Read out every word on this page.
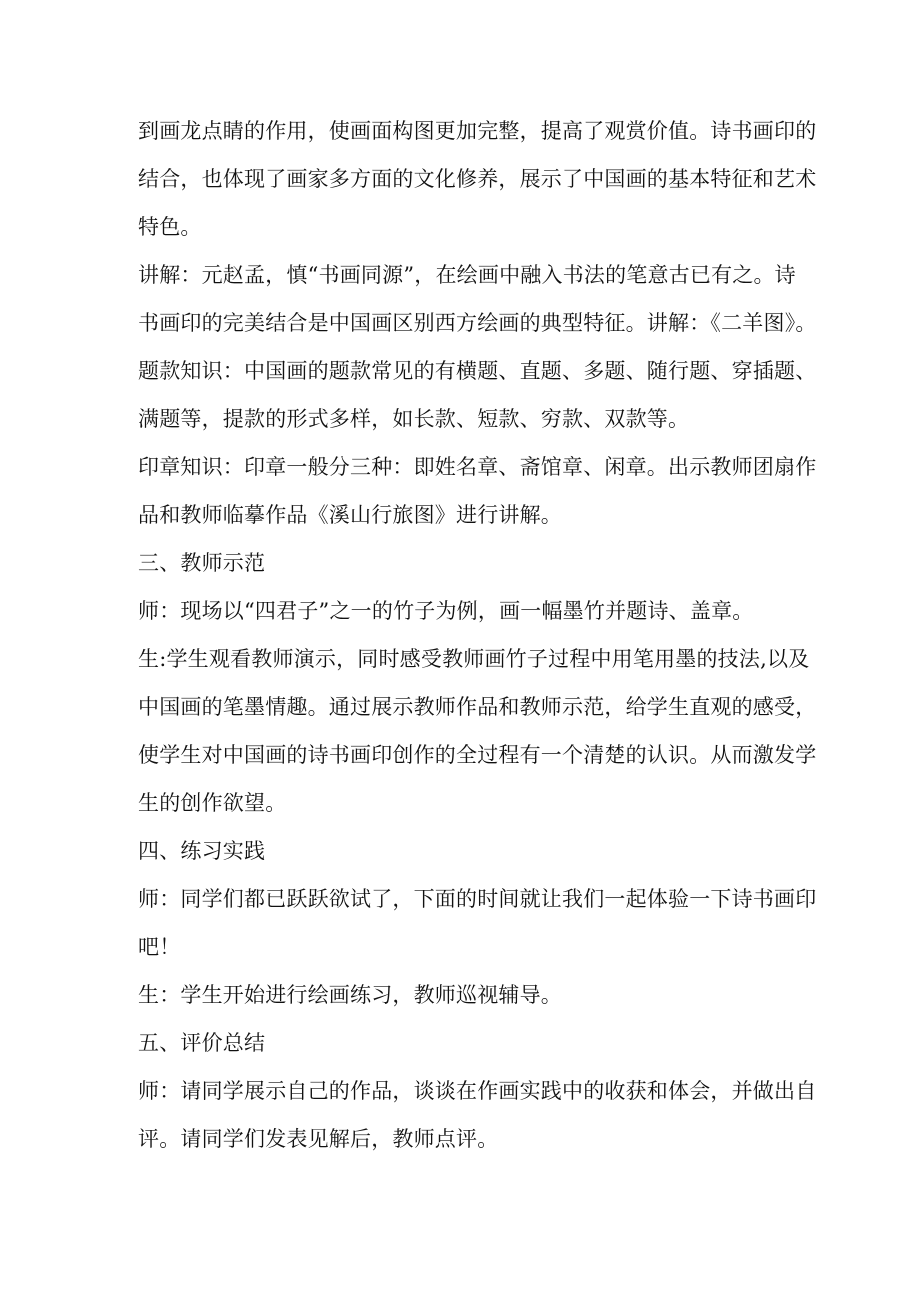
到画龙点睛的作用，使画面构图更加完整，提高了观赏价值。诗书画印的
结合，也体现了画家多方面的文化修养，展示了中国画的基本特征和艺术
特色。
讲解：元赵孟，慎“书画同源”，在绘画中融入书法的笔意古已有之。诗
书画印的完美结合是中国画区别西方绘画的典型特征。讲解：《二羊图》。
题款知识：中国画的题款常见的有横题、直题、多题、随行题、穿插题、
满题等，提款的形式多样，如长款、短款、穷款、双款等。
印章知识：印章一般分三种：即姓名章、斋馆章、闲章。出示教师团扇作
品和教师临摹作品《溪山行旅图》进行讲解。
三、教师示范
师：现场以“四君子”之一的竹子为例，画一幅墨竹并题诗、盖章。
生:学生观看教师演示，同时感受教师画竹子过程中用笔用墨的技法,以及
中国画的笔墨情趣。通过展示教师作品和教师示范，给学生直观的感受，
使学生对中国画的诗书画印创作的全过程有一个清楚的认识。从而激发学
生的创作欲望。
四、练习实践
师：同学们都已跃跃欲试了，下面的时间就让我们一起体验一下诗书画印
吧！
生：学生开始进行绘画练习，教师巡视辅导。
五、评价总结
师：请同学展示自己的作品，谈谈在作画实践中的收获和体会，并做出自
评。请同学们发表见解后，教师点评。
